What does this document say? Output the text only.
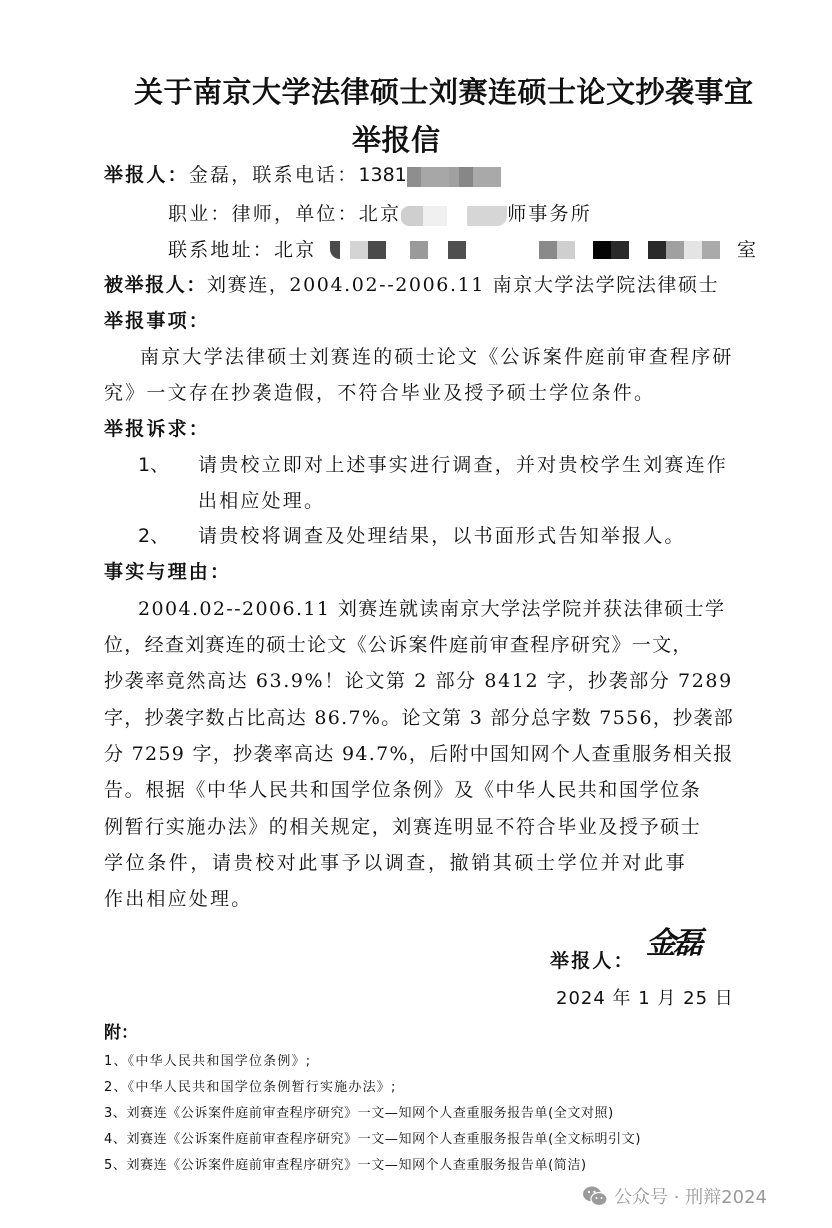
关于南京大学法律硕士刘赛连硕士论文抄袭事宜
举报信
举报人：金磊，联系电话：1381
职业：律师，单位：北京	师事务所
联系地址：北京	室
被举报人：刘赛连，2004.02--2006.11 南京大学法学院法律硕士
举报事项：
南京大学法律硕士刘赛连的硕士论文《公诉案件庭前审查程序研
究》一文存在抄袭造假，不符合毕业及授予硕士学位条件。
举报诉求：
1、 请贵校立即对上述事实进行调查，并对贵校学生刘赛连作
出相应处理。
2、 请贵校将调查及处理结果，以书面形式告知举报人。
事实与理由：
2004.02--2006.11 刘赛连就读南京大学法学院并获法律硕士学
位，经查刘赛连的硕士论文《公诉案件庭前审查程序研究》一文，
抄袭率竟然高达 63.9%！论文第 2 部分 8412 字，抄袭部分 7289
字，抄袭字数占比高达 86.7%。论文第 3 部分总字数 7556，抄袭部
分 7259 字，抄袭率高达 94.7%，后附中国知网个人查重服务相关报
告。根据《中华人民共和国学位条例》及《中华人民共和国学位条
例暂行实施办法》的相关规定，刘赛连明显不符合毕业及授予硕士
学位条件，请贵校对此事予以调查，撤销其硕士学位并对此事
作出相应处理。
举报人： 金磊
2024 年 1 月 25 日
附：
1、《中华人民共和国学位条例》;
2、《中华人民共和国学位条例暂行实施办法》;
3、刘赛连《公诉案件庭前审查程序研究》一文—知网个人查重服务报告单(全文对照)
4、刘赛连《公诉案件庭前审查程序研究》一文—知网个人查重服务报告单(全文标明引文)
5、刘赛连《公诉案件庭前审查程序研究》一文—知网个人查重服务报告单(简洁)
公众号 · 刑辩2024
